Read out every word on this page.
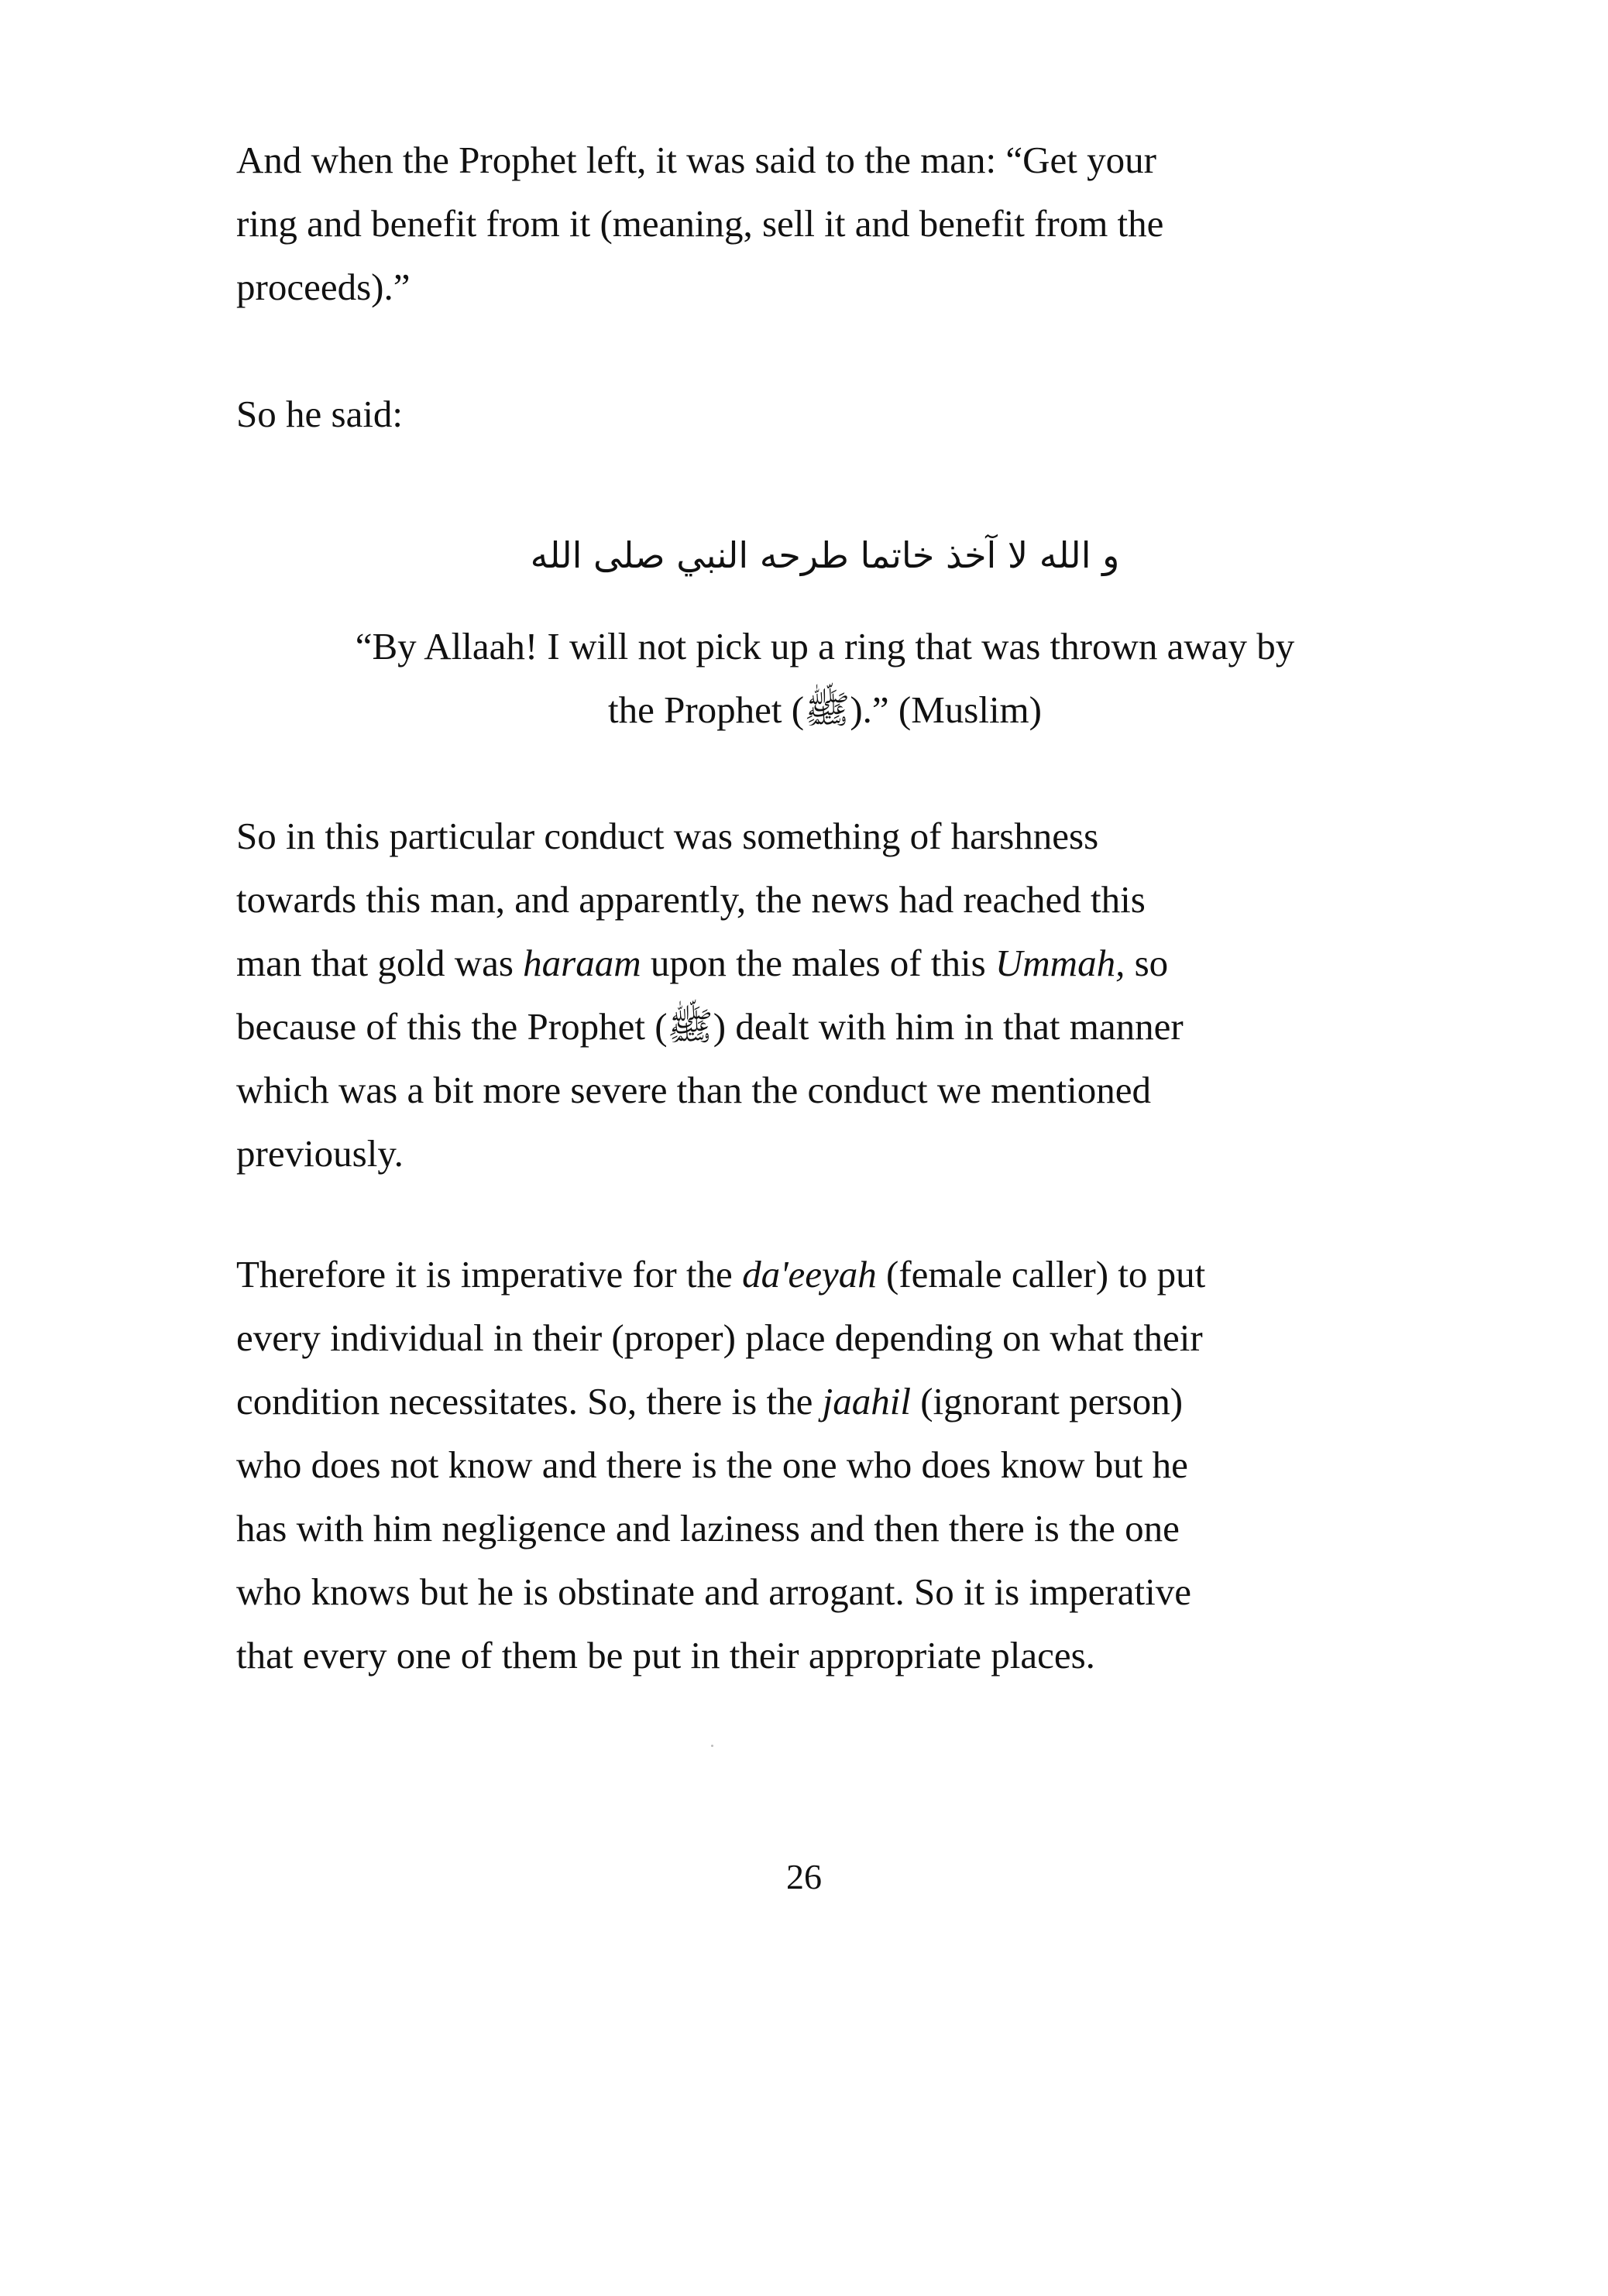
And when the Prophet left, it was said to the man: “Get your
ring and benefit from it (meaning, sell it and benefit from the
proceeds).”

So he said:

و الله لا آخذ خاتما طرحه النبي صلى الله
“By Allaah! I will not pick up a ring that was thrown away by
the Prophet (ﷺ).” (Muslim)

So in this particular conduct was something of harshness
towards this man, and apparently, the news had reached this
man that gold was haraam upon the males of this Ummah, so
because of this the Prophet (ﷺ) dealt with him in that manner
which was a bit more severe than the conduct we mentioned
previously.

Therefore it is imperative for the da'eeyah (female caller) to put
every individual in their (proper) place depending on what their
condition necessitates. So, there is the jaahil (ignorant person)
who does not know and there is the one who does know but he
has with him negligence and laziness and then there is the one
who knows but he is obstinate and arrogant. So it is imperative
that every one of them be put in their appropriate places.

26
